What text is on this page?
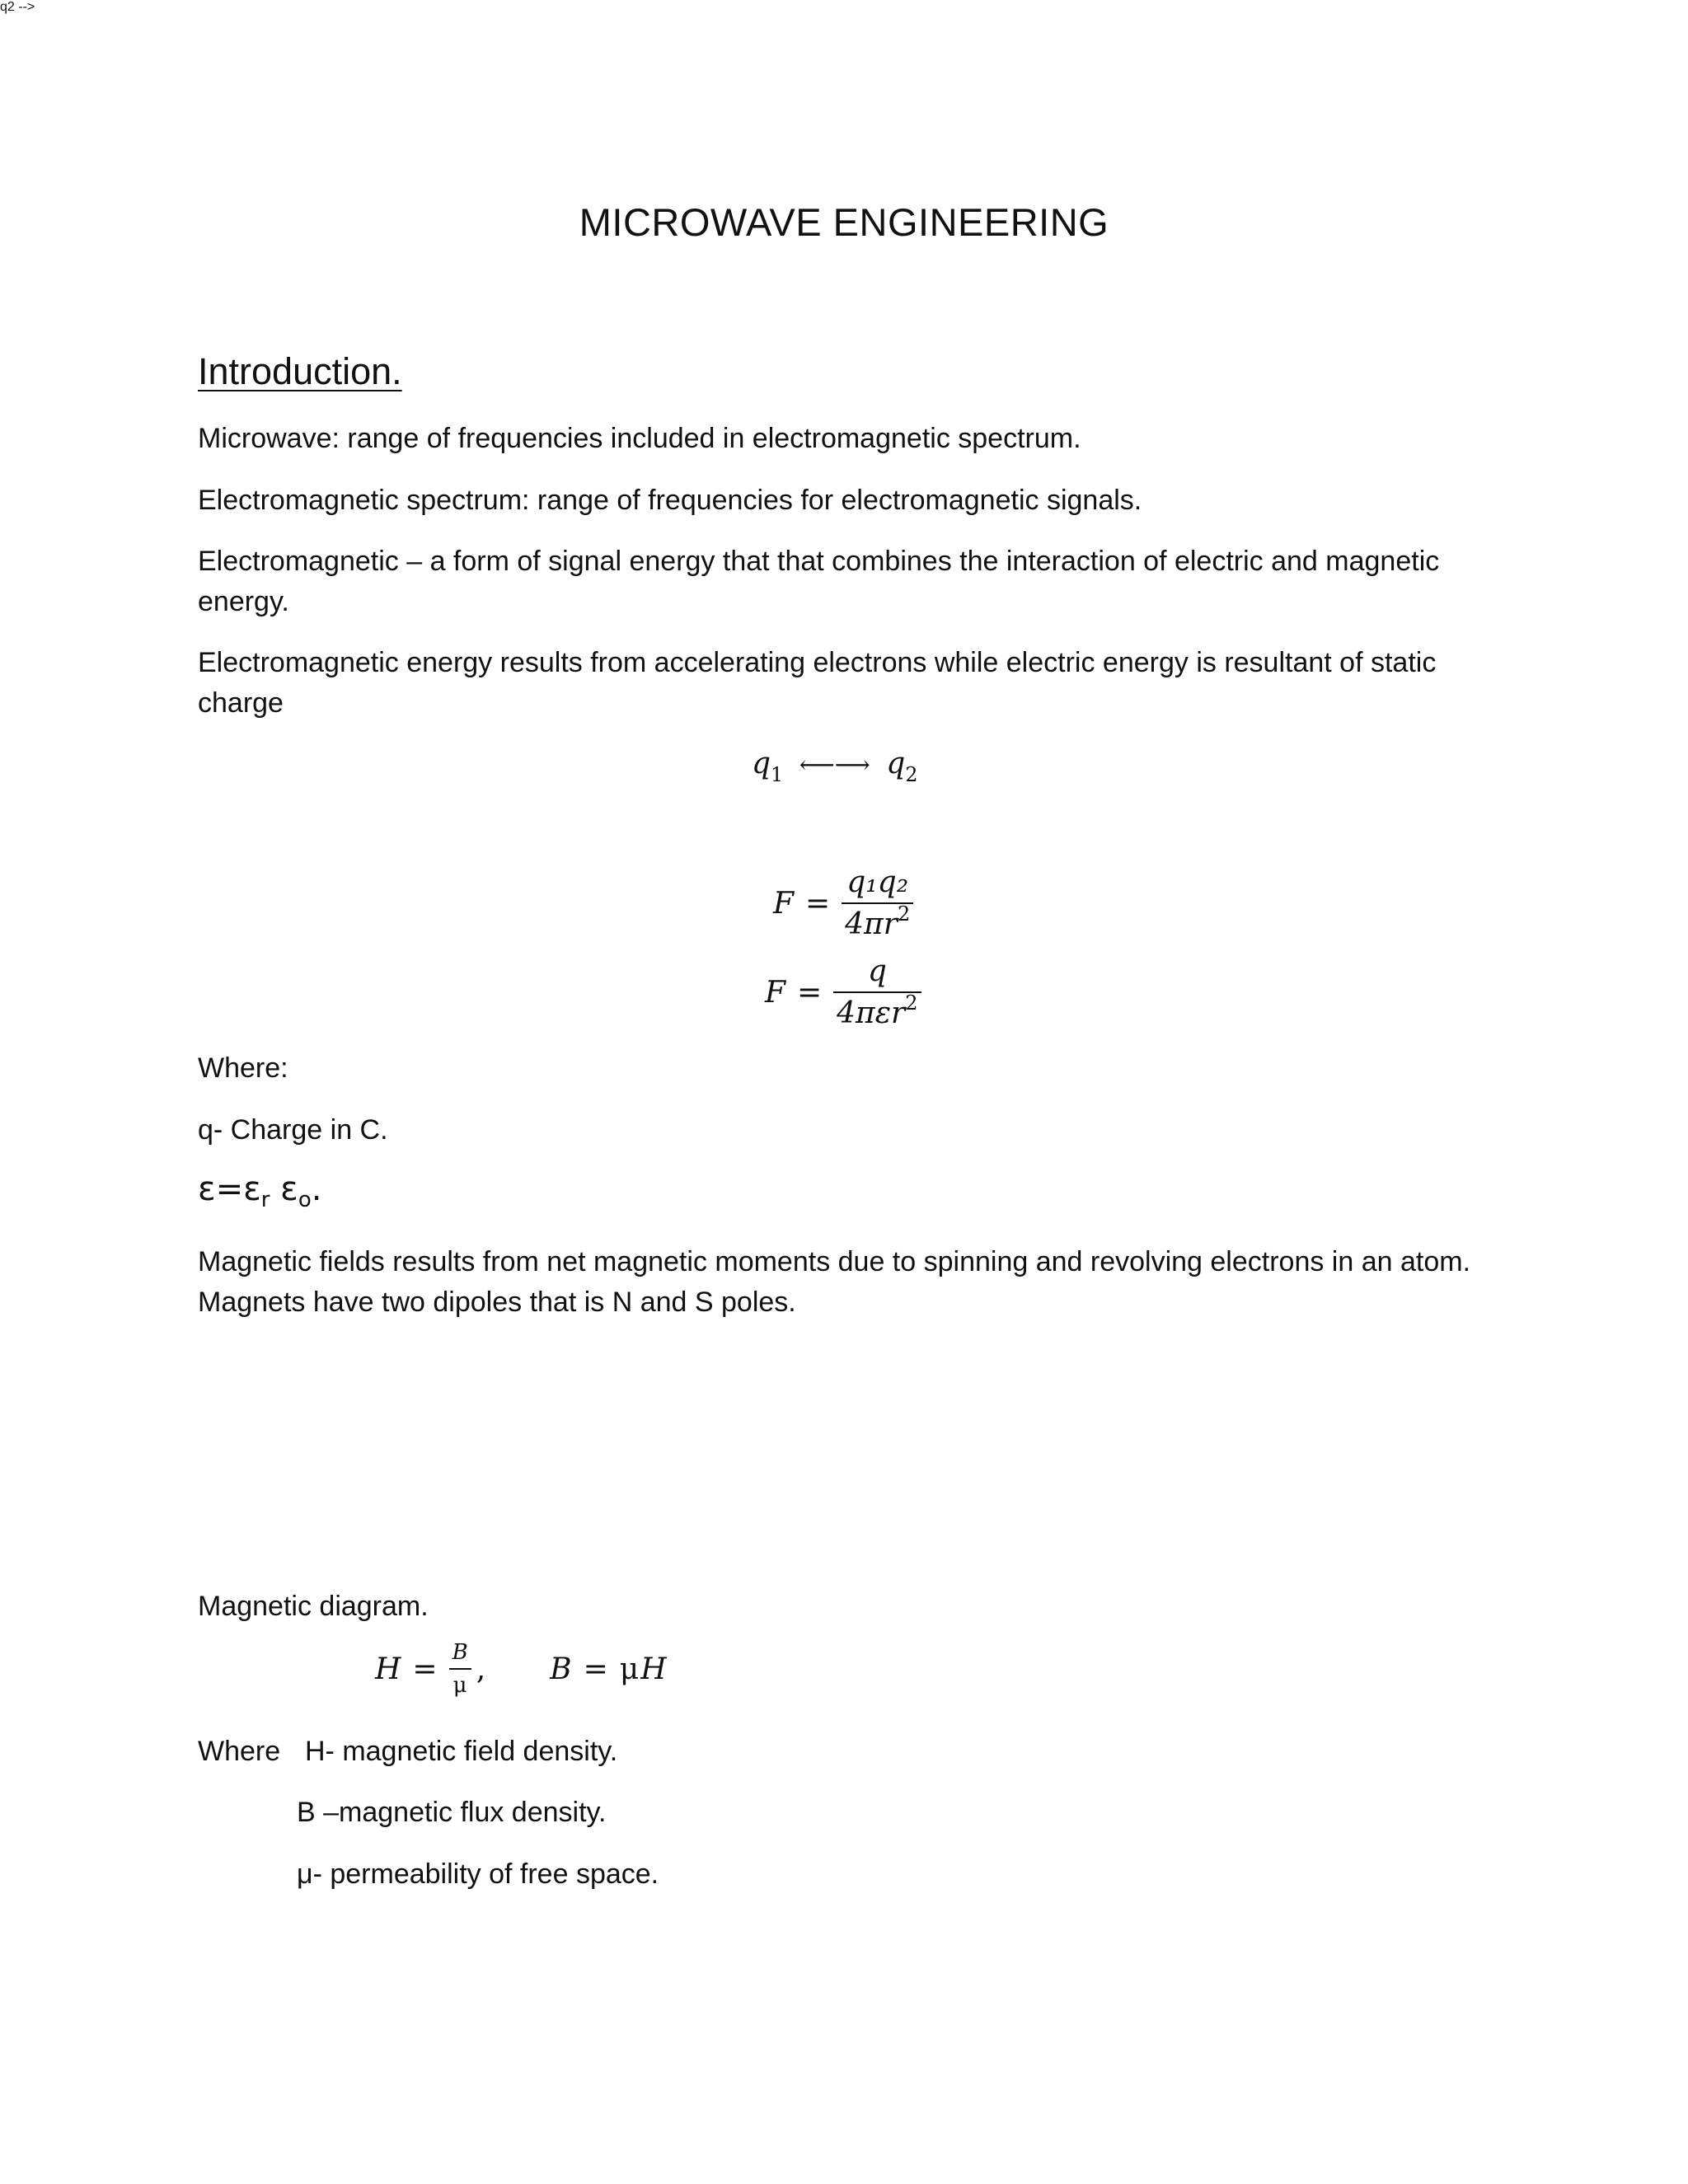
MICROWAVE ENGINEERING
Introduction.
Microwave: range of frequencies included in electromagnetic spectrum.
Electromagnetic spectrum: range of frequencies for electromagnetic signals.
Electromagnetic – a form of signal energy that that combines the interaction of electric and magnetic energy.
Electromagnetic energy results from accelerating electrons while electric energy is resultant of static charge
q2 -->
$q_1$ ⟵⟶ $q_2$
$F = \frac{\text{q₁q₂}}{4\pi r^2}$
$F = \frac{q}{4\pi\varepsilon r^2}$
Where:
q- Charge in C.
ɛ=ɛ$_r$ ɛ$_o$.
Magnetic fields results from net magnetic moments due to spinning and revolving electrons in an atom.
Magnets have two dipoles that is N and S poles.
Magnetic diagram.
$H = \frac{B}{\mu}$ , B = μ H
Where H- magnetic field density.
B –magnetic flux density.
μ- permeability of free space.
